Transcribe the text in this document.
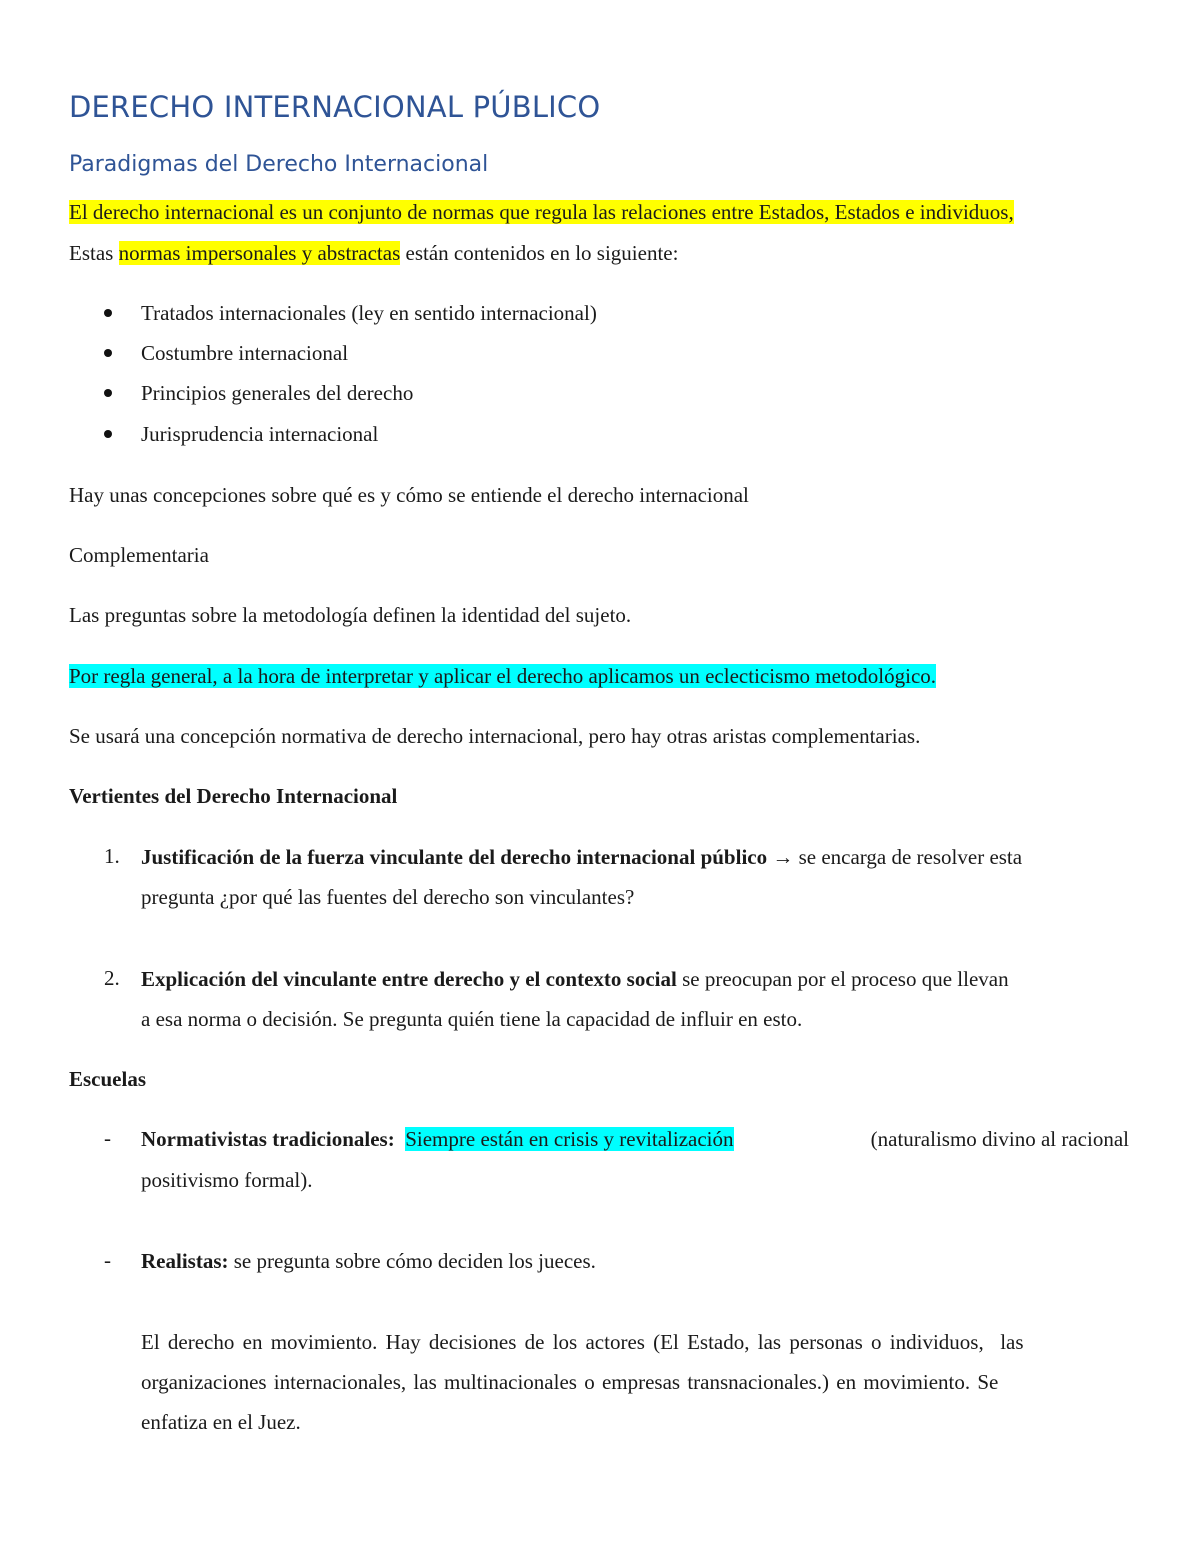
DERECHO INTERNACIONAL PÚBLICO
Paradigmas del Derecho Internacional
El derecho internacional es un conjunto de normas que regula las relaciones entre Estados, Estados e individuos,
Estas normas impersonales y abstractas están contenidos en lo siguiente:
Tratados internacionales (ley en sentido internacional)
Costumbre internacional
Principios generales del derecho
Jurisprudencia internacional
Hay unas concepciones sobre qué es y cómo se entiende el derecho internacional
Complementaria
Las preguntas sobre la metodología definen la identidad del sujeto.
Por regla general, a la hora de interpretar y aplicar el derecho aplicamos un eclecticismo metodológico.
Se usará una concepción normativa de derecho internacional, pero hay otras aristas complementarias.
Vertientes del Derecho Internacional
1. Justificación de la fuerza vinculante del derecho internacional público → se encarga de resolver esta
pregunta ¿por qué las fuentes del derecho son vinculantes?
2. Explicación del vinculante entre derecho y el contexto social se preocupan por el proceso que llevan
a esa norma o decisión. Se pregunta quién tiene la capacidad de influir en esto.
Escuelas
- Normativistas tradicionales: Siempre están en crisis y revitalización	(naturalismo divino al racional
positivismo formal).
- Realistas: se pregunta sobre cómo deciden los jueces.
El derecho en movimiento. Hay decisiones de los actores (El Estado, las personas o individuos,  las
organizaciones internacionales, las multinacionales o empresas transnacionales.) en movimiento. Se
enfatiza en el Juez.
